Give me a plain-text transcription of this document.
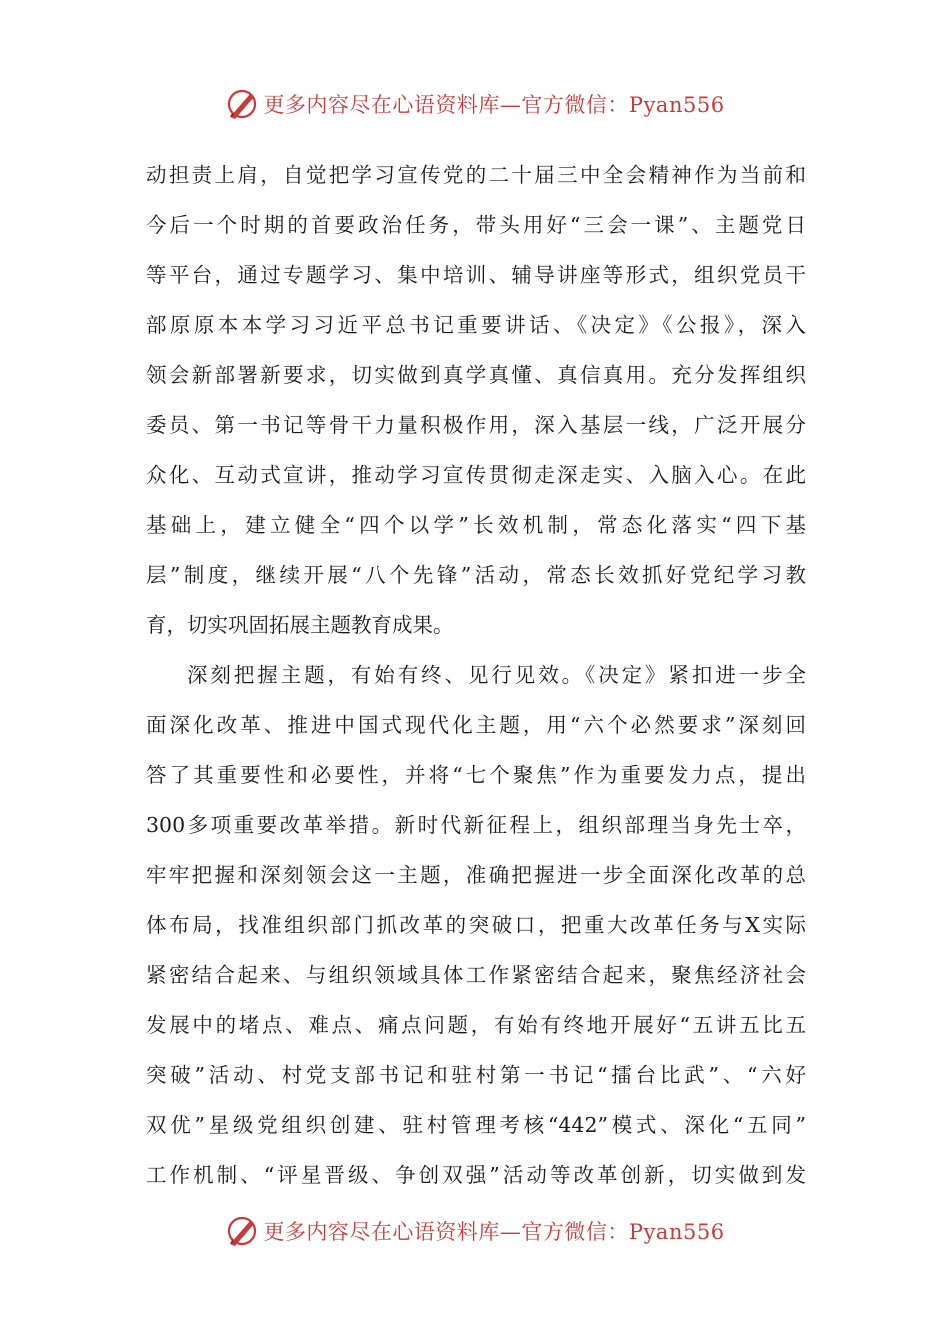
更多内容尽在心语资料库—官方微信：Pyan556
动担责上肩，自觉把学习宣传党的二十届三中全会精神作为当前和
今后一个时期的首要政治任务，带头用好“三会一课”、主题党日
等平台，通过专题学习、集中培训、辅导讲座等形式，组织党员干
部原原本本学习习近平总书记重要讲话、《决定》《公报》，深入
领会新部署新要求，切实做到真学真懂、真信真用。充分发挥组织
委员、第一书记等骨干力量积极作用，深入基层一线，广泛开展分
众化、互动式宣讲，推动学习宣传贯彻走深走实、入脑入心。在此
基础上，建立健全“四个以学”长效机制，常态化落实“四下基
层”制度，继续开展“八个先锋”活动，常态长效抓好党纪学习教
育，切实巩固拓展主题教育成果。
深刻把握主题，有始有终、见行见效。《决定》紧扣进一步全
面深化改革、推进中国式现代化主题，用“六个必然要求”深刻回
答了其重要性和必要性，并将“七个聚焦”作为重要发力点，提出
300多项重要改革举措。新时代新征程上，组织部理当身先士卒，
牢牢把握和深刻领会这一主题，准确把握进一步全面深化改革的总
体布局，找准组织部门抓改革的突破口，把重大改革任务与X实际
紧密结合起来、与组织领域具体工作紧密结合起来，聚焦经济社会
发展中的堵点、难点、痛点问题，有始有终地开展好“五讲五比五
突破”活动、村党支部书记和驻村第一书记“擂台比武”、“六好
双优”星级党组织创建、驻村管理考核“442”模式、深化“五同”
工作机制、“评星晋级、争创双强”活动等改革创新，切实做到发
更多内容尽在心语资料库—官方微信：Pyan556
